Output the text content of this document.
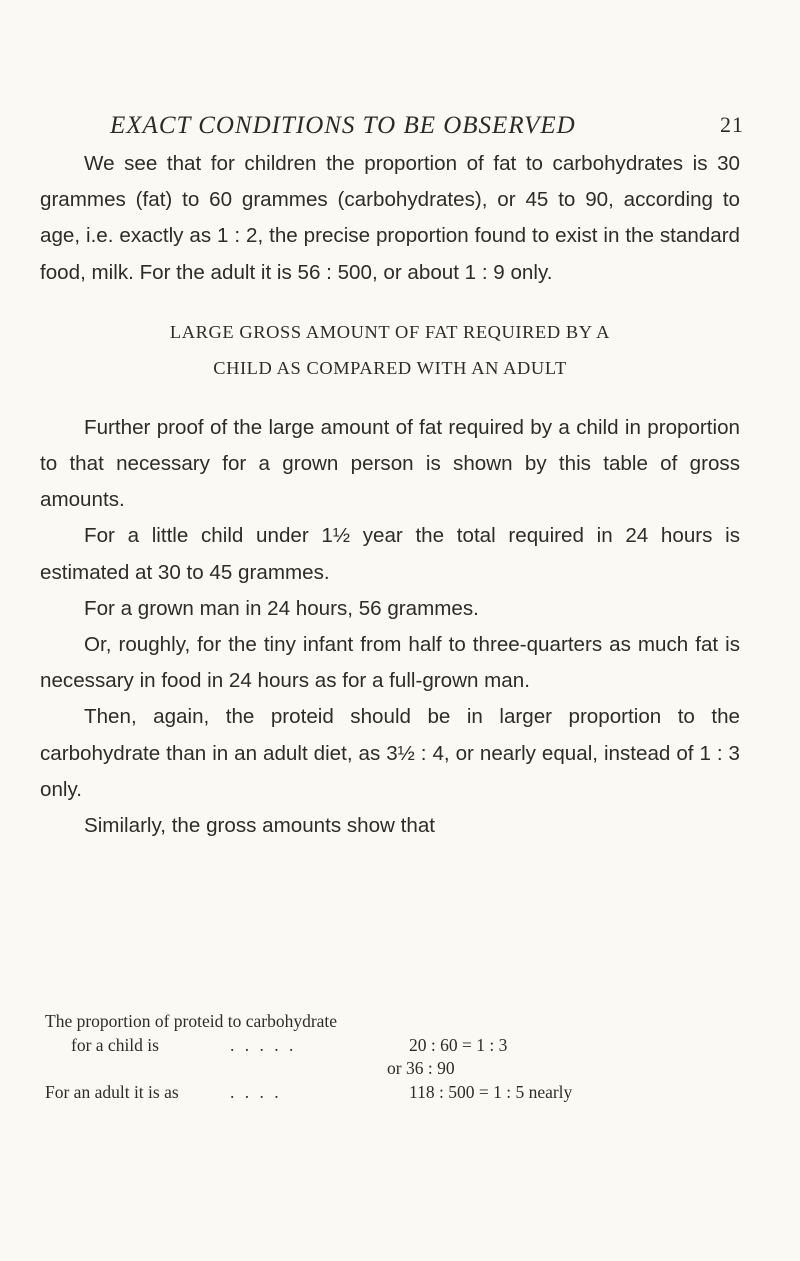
EXACT CONDITIONS TO BE OBSERVED	21

We see that for children the proportion of fat to carbohydrates is 30 grammes (fat) to 60 grammes (carbohydrates), or 45 to 90, according to age, i.e. exactly as 1 : 2, the precise proportion found to exist in the standard food, milk. For the adult it is 56 : 500, or about 1 : 9 only.

LARGE GROSS AMOUNT OF FAT REQUIRED BY A
CHILD AS COMPARED WITH AN ADULT

Further proof of the large amount of fat required by a child in proportion to that necessary for a grown person is shown by this table of gross amounts.

For a little child under 1½ year the total required in 24 hours is estimated at 30 to 45 grammes.

For a grown man in 24 hours, 56 grammes.

Or, roughly, for the tiny infant from half to three-quarters as much fat is necessary in food in 24 hours as for a full-grown man.

Then, again, the proteid should be in larger proportion to the carbohydrate than in an adult diet, as 3½ : 4, or nearly equal, instead of 1 : 3 only.

Similarly, the gross amounts show that

The proportion of proteid to carbohydrate
for a child is	. . . . .	20 : 60 = 1 : 3
or 36 : 90
For an adult it is as	. . . .	118 : 500 = 1 : 5 nearly
